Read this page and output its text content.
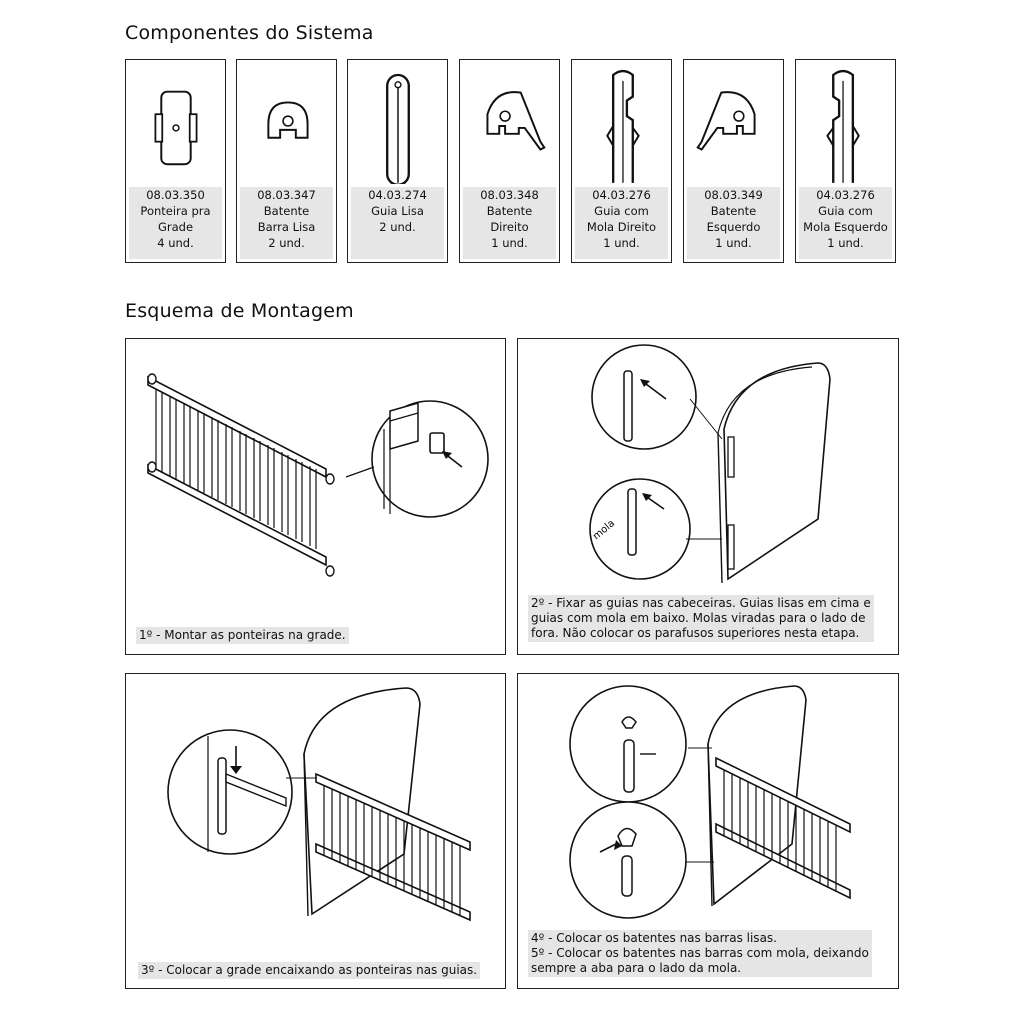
Componentes do Sistema
Esquema de Montagem
08.03.350
Ponteira pra
Grade
4 und.
08.03.347
Batente
Barra Lisa
2 und.
04.03.274
Guia Lisa
2 und.
08.03.348
Batente
Direito
1 und.
04.03.276
Guia com
Mola Direito
1 und.
08.03.349
Batente
Esquerdo
1 und.
04.03.276
Guia com
Mola Esquerdo
1 und.
1º - Montar as ponteiras na grade.
mola
2º - Fixar as guias nas cabeceiras. Guias lisas em cima e
guias com mola em baixo. Molas viradas para o lado de
fora. Não colocar os parafusos superiores nesta etapa.
3º - Colocar a grade encaixando as ponteiras nas guias.
4º - Colocar os batentes nas barras lisas.
5º - Colocar os batentes nas barras com mola, deixando
sempre a aba para o lado da mola.
